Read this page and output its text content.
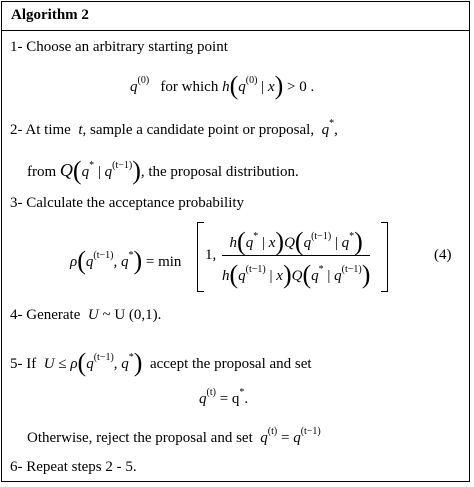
Algorithm 2
1- Choose an arbitrary starting point
$q^{(0)}$ for which $h(q^{(0)}$ | x) > 0 .
2- At time t, sample a candidate point or proposal, q*,
from Q(q* | $q^{(t-1)}$), the proposal distribution.
3- Calculate the acceptance probability
$\rho(q^{(t-1)}$, q*) = min 1, $\frac{h(q^* | x)Q(q^{(t-1)} | q^*)}{h(q^{(t-1)} | x)Q(q^* | q^{(t-1)})}$	(4)
4- Generate U ~ U (0,1).
5- If $U \le \rho(q^{(t-1)}$, q*) accept the proposal and set
$q^{(t)} = q^*$.
Otherwise, reject the proposal and set $q^{(t)} = q^{(t-1)}$
6- Repeat steps 2 - 5.
